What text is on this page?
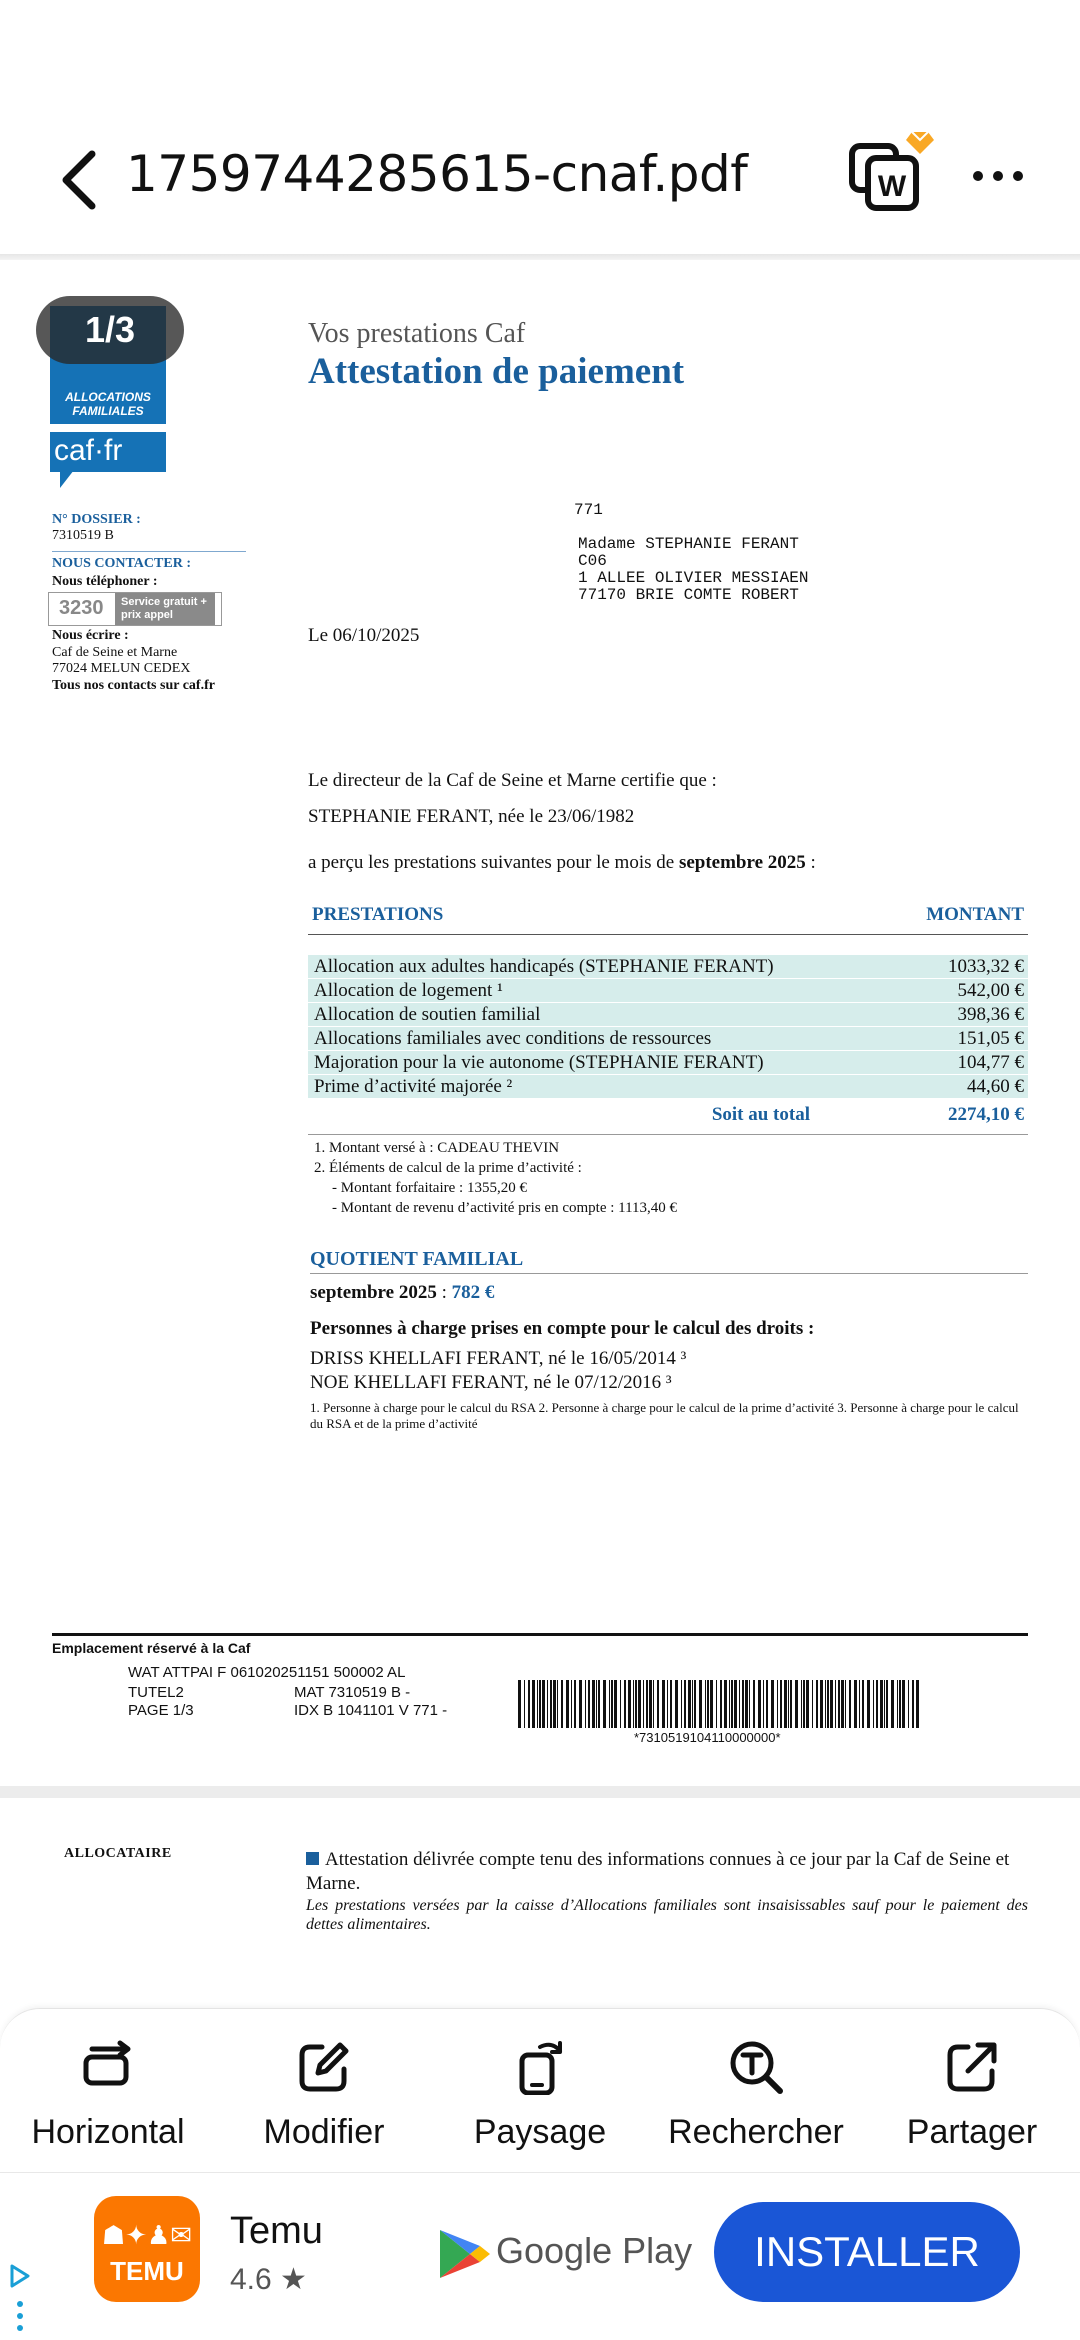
1759744285615-cnaf.pdf	W
1/3
ALLOCATIONS FAMILIALES
caf·fr
N° DOSSIER :
7310519 B
NOUS CONTACTER :
Nous téléphoner :
3230	Service gratuit + prix appel
Nous écrire :
Caf de Seine et Marne
77024 MELUN CEDEX
Tous nos contacts sur caf.fr
Vos prestations Caf
Attestation de paiement
771
Madame STEPHANIE FERANT
C06
1 ALLEE OLIVIER MESSIAEN
77170 BRIE COMTE ROBERT
Le 06/10/2025
Le directeur de la Caf de Seine et Marne certifie que :
STEPHANIE FERANT, née le 23/06/1982
a perçu les prestations suivantes pour le mois de septembre 2025 :
PRESTATIONS	MONTANT
Allocation aux adultes handicapés (STEPHANIE FERANT)	1033,32 €
Allocation de logement ¹	542,00 €
Allocation de soutien familial	398,36 €
Allocations familiales avec conditions de ressources	151,05 €
Majoration pour la vie autonome (STEPHANIE FERANT)	104,77 €
Prime d’activité majorée ²	44,60 €
Soit au total	2274,10 €
1. Montant versé à : CADEAU THEVIN
2. Éléments de calcul de la prime d’activité :
- Montant forfaitaire : 1355,20 €
- Montant de revenu d’activité pris en compte : 1113,40 €
QUOTIENT FAMILIAL
septembre 2025 : 782 €
Personnes à charge prises en compte pour le calcul des droits :
DRISS KHELLAFI FERANT, né le 16/05/2014 ³
NOE KHELLAFI FERANT, né le 07/12/2016 ³
1. Personne à charge pour le calcul du RSA 2. Personne à charge pour le calcul de la prime d’activité 3. Personne à charge pour le calcul du RSA et de la prime d’activité
Emplacement réservé à la Caf
WAT ATTPAI F 061020251151 500002 AL
TUTEL2	MAT 7310519 B -
PAGE 1/3	IDX B 1041101 V 771 -
*7310519104110000000*
ALLOCATAIRE	Attestation délivrée compte tenu des informations connues à ce jour par la Caf de Seine et Marne.
Les prestations versées par la caisse d’Allocations familiales sont insaisissables sauf pour le paiement des dettes alimentaires.
Horizontal	Modifier	Paysage	Rechercher	Partager
☗✦♟✉
TEMU
Temu
4.6 ★
Google Play	INSTALLER
